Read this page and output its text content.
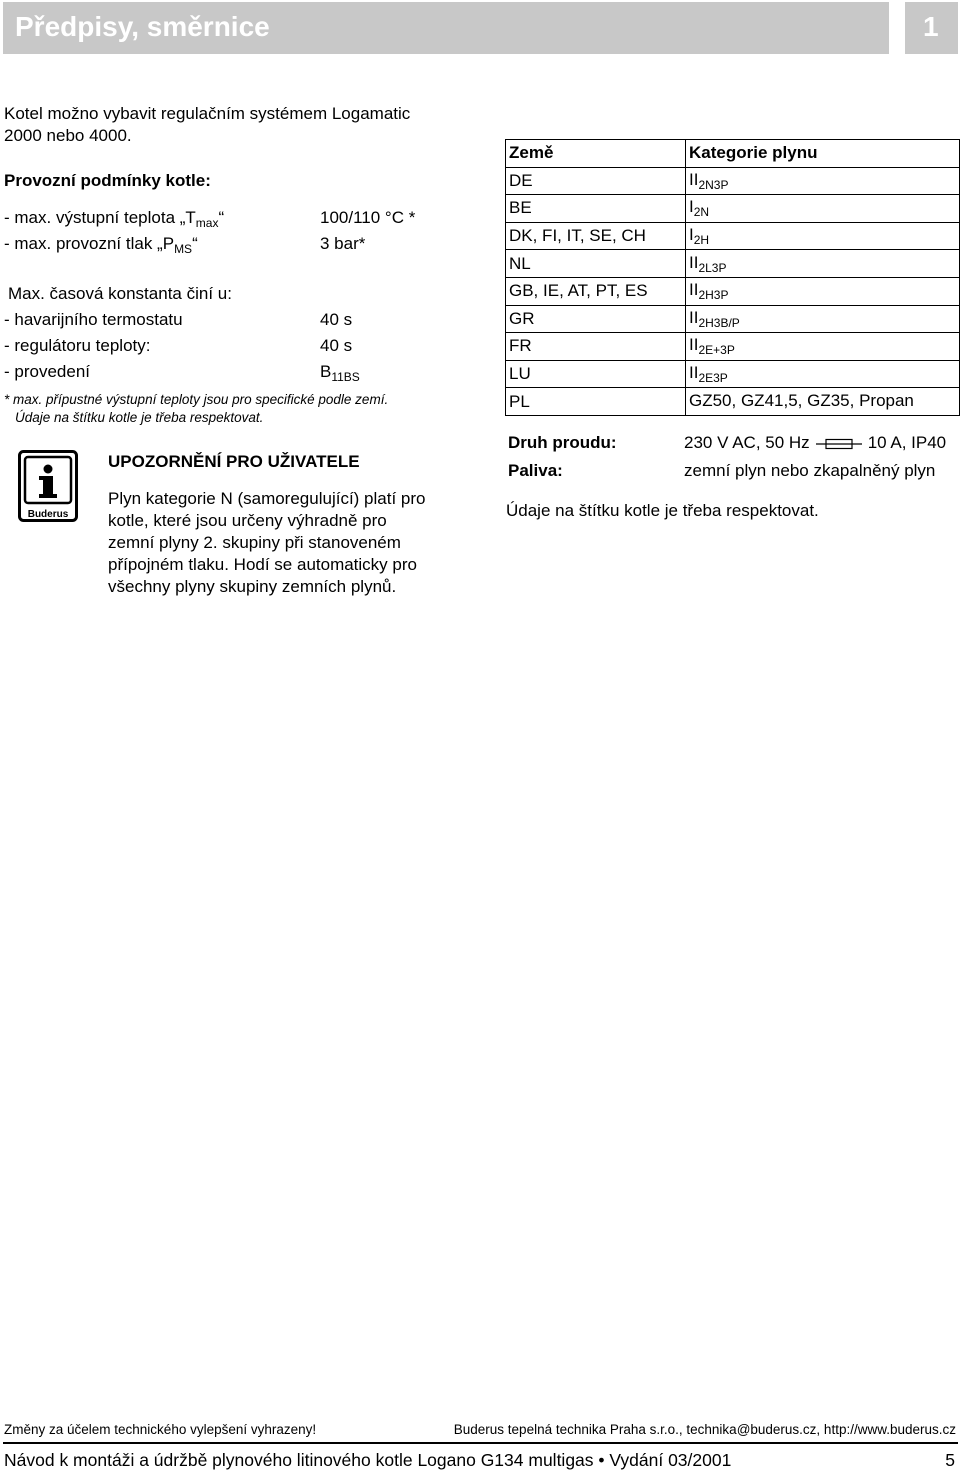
Předpisy, směrnice	1
Kotel možno vybavit regulačním systémem Logamatic
2000 nebo 4000.
Provozní podmínky kotle:
- max. výstupní teplota $„T_{max}“$	100/110 °C *
- max. provozní tlak $„P_{MS}“$	3 bar*
Max. časová konstanta činí u:
- havarijního termostatu	40 s
- regulátoru teploty:	40 s
- provedení	$B_{11BS}$
* max. přípustné výstupní teploty jsou pro specifické podle zemí.
Údaje na štítku kotle je třeba respektovat.
Buderus
UPOZORNĚNÍ PRO UŽIVATELE
Plyn kategorie N (samoregulující) platí pro
kotle, které jsou určeny výhradně pro
zemní plyny 2. skupiny při stanoveném
přípojném tlaku. Hodí se automaticky pro
všechny plyny skupiny zemních plynů.
Země	Kategorie plynu
DE	$II_{2N3P}$
BE	$I_{2N}$
DK, FI, IT, SE, CH	$I_{2H}$
NL	$II_{2L3P}$
GB, IE, AT, PT, ES	$II_{2H3P}$
GR	$II_{2H3B/P}$
FR	$II_{2E+3P}$
LU	$II_{2E3P}$
PL	GZ50, GZ41,5, GZ35, Propan
Druh proudu:	230 V AC, 50 Hz	10 A, IP40
Paliva:	zemní plyn nebo zkapalněný plyn
Údaje na štítku kotle je třeba respektovat.
Změny za účelem technického vylepšení vyhrazeny!	Buderus tepelná technika Praha s.r.o., technika@buderus.cz, http://www.buderus.cz
Návod k montáži a údržbě plynového litinového kotle Logano G134 multigas • Vydání 03/2001	5
